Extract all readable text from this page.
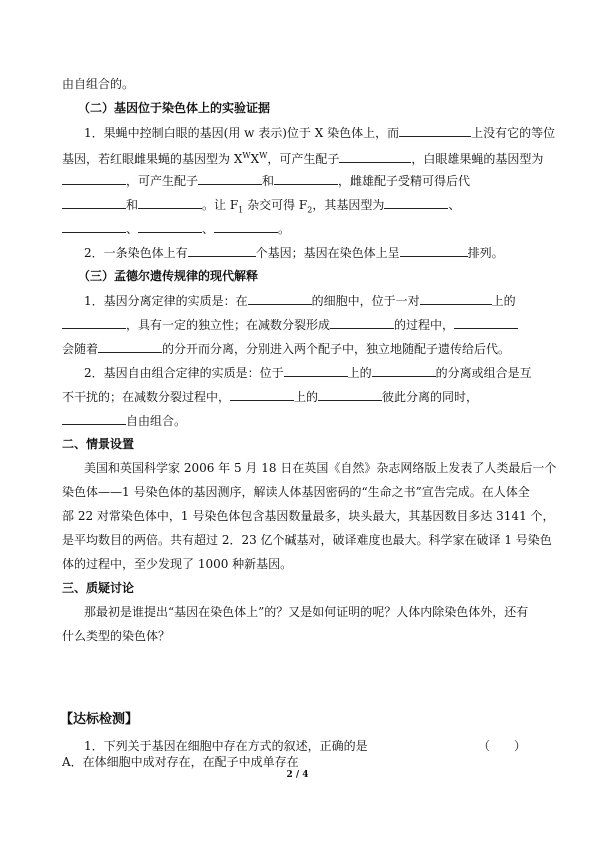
由自组合的。
（二）基因位于染色体上的实验证据
1．果蝇中控制白眼的基因(用 w 表示)位于 X 染色体上，而	上没有它的等位
基因，若红眼雌果蝇的基因型为 $X^WX^W$，可产生配子	，白眼雄果蝇的基因型为
，可产生配子	和	，雌雄配子受精可得后代
和	。让 $F_1$ 杂交可得 $F_2$，其基因型为	、
、	、	。
2．一条染色体上有	个基因；基因在染色体上呈	排列。
（三）孟德尔遗传规律的现代解释
1．基因分离定律的实质是：在	的细胞中，位于一对	上的
，具有一定的独立性；在减数分裂形成	的过程中，
会随着	的分开而分离，分别进入两个配子中，独立地随配子遗传给后代。
2．基因自由组合定律的实质是：位于	上的	的分离或组合是互
不干扰的；在减数分裂过程中，	上的	彼此分离的同时，
自由组合。
二、情景设置
美国和英国科学家 2006 年 5 月 18 日在英国《自然》杂志网络版上发表了人类最后一个
染色体——1 号染色体的基因测序，解读人体基因密码的“生命之书”宣告完成。在人体全
部 22 对常染色体中，1 号染色体包含基因数量最多，块头最大，其基因数目多达 3141 个，
是平均数目的两倍。共有超过 2．23 亿个碱基对，破译难度也最大。科学家在破译 1 号染色
体的过程中，至少发现了 1000 种新基因。
三、质疑讨论
那最初是谁提出“基因在染色体上”的？又是如何证明的呢？人体内除染色体外，还有
什么类型的染色体？
【达标检测】
1．下列关于基因在细胞中存在方式的叙述，正确的是	（　　）
A．在体细胞中成对存在，在配子中成单存在
2 / 4
